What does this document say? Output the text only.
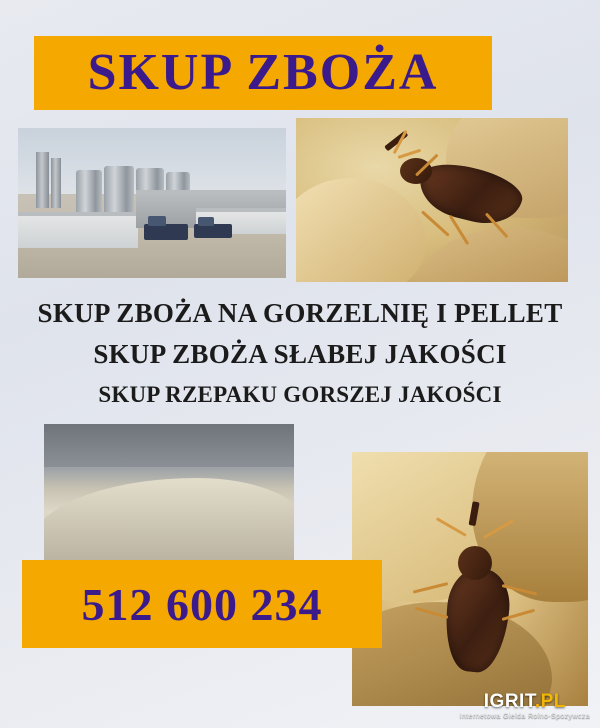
SKUP ZBOŻA
SKUP ZBOŻA NA GORZELNIĘ I PELLET
SKUP ZBOŻA SŁABEJ JAKOŚCI
SKUP RZEPAKU GORSZEJ JAKOŚCI
512 600 234
IGRIT.PL
Internetowa Gielda Rolno-Spozywcza
